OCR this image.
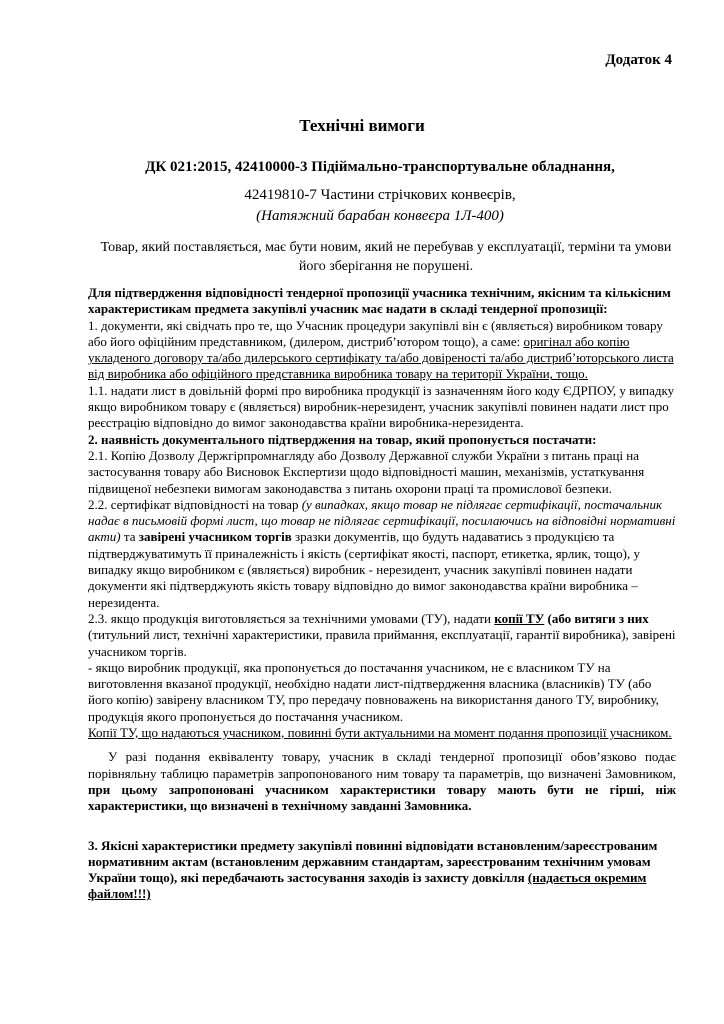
Додаток 4
Технічні вимоги
ДК 021:2015, 42410000-3 Підіймально-транспортувальне обладнання,
42419810-7 Частини стрічкових конвеєрів,
(Натяжний барабан конвеєра 1Л-400)
Товар, який поставляється, має бути новим, який не перебував у експлуатації, терміни та умови його зберігання не порушені.

Для підтвердження відповідності тендерної пропозиції учасника технічним, якісним та кількісним характеристикам предмета закупівлі учасник має надати в складі тендерної пропозиції:

1. документи, які свідчать про те, що Учасник процедури закупівлі він є (являється) виробником товару або його офіційним представником, (дилером, дистриб’ютором тощо), а саме: оригінал або копію укладеного договору та/або дилерського сертифікату та/або довіреності та/або дистриб’юторського листа від виробника або офіційного представника виробника товару на території України, тощо.

1.1. надати лист в довільній формі про виробника продукції із зазначенням його коду ЄДРПОУ, у випадку якщо виробником товару є (являється) виробник-нерезидент, учасник закупівлі повинен надати лист про реєстрацію відповідно до вимог законодавства країни виробника-нерезидента.

2. наявність документального підтвердження на товар, який пропонується постачати:

2.1. Копію Дозволу Держгірпромнагляду або Дозволу Державної служби України з питань праці на застосування товару або Висновок Експертизи щодо відповідності машин, механізмів, устаткування підвищеної небезпеки вимогам законодавства з питань охорони праці та промислової безпеки.

2.2. сертифікат відповідності на товар (у випадках, якщо товар не підлягає сертифікації, постачальник надає в письмовій формі лист, що товар не підлягає сертифікації, посилаючись на відповідні нормативні акти) та завірені учасником торгів зразки документів, що будуть надаватись з продукцією та підтверджуватимуть її приналежність і якість (сертифікат якості, паспорт, етикетка, ярлик, тощо), у випадку якщо виробником є (являється) виробник - нерезидент, учасник закупівлі повинен надати документи які підтверджують якість товару відповідно до вимог законодавства країни виробника – нерезидента.

2.3. якщо продукція виготовляється за технічними умовами (ТУ), надати копії ТУ (або витяги з них (титульний лист, технічні характеристики, правила приймання, експлуатації, гарантії виробника), завірені учасником торгів.

- якщо виробник продукції, яка пропонується до постачання учасником, не є власником ТУ на виготовлення вказаної продукції, необхідно надати лист-підтвердження власника (власників) ТУ (або його копію) завірену власником ТУ, про передачу повноважень на використання даного ТУ, виробнику, продукція якого пропонується до постачання учасником.

Копії ТУ, що надаються учасником, повинні бути актуальними на момент подання пропозиції учасником.

У разі подання еквіваленту товару, учасник в складі тендерної пропозиції обов’язково подає порівняльну таблицю параметрів запропонованого ним товару та параметрів, що визначені Замовником, при цьому запропоновані учасником характеристики товару мають бути не гірші, ніж характеристики, що визначені в технічному завданні Замовника.

3. Якісні характеристики предмету закупівлі повинні відповідати встановленим/зареєстрованим нормативним актам (встановленим державним стандартам, зареєстрованим технічним умовам України тощо), які передбачають застосування заходів із захисту довкілля (надається окремим файлом!!!)
